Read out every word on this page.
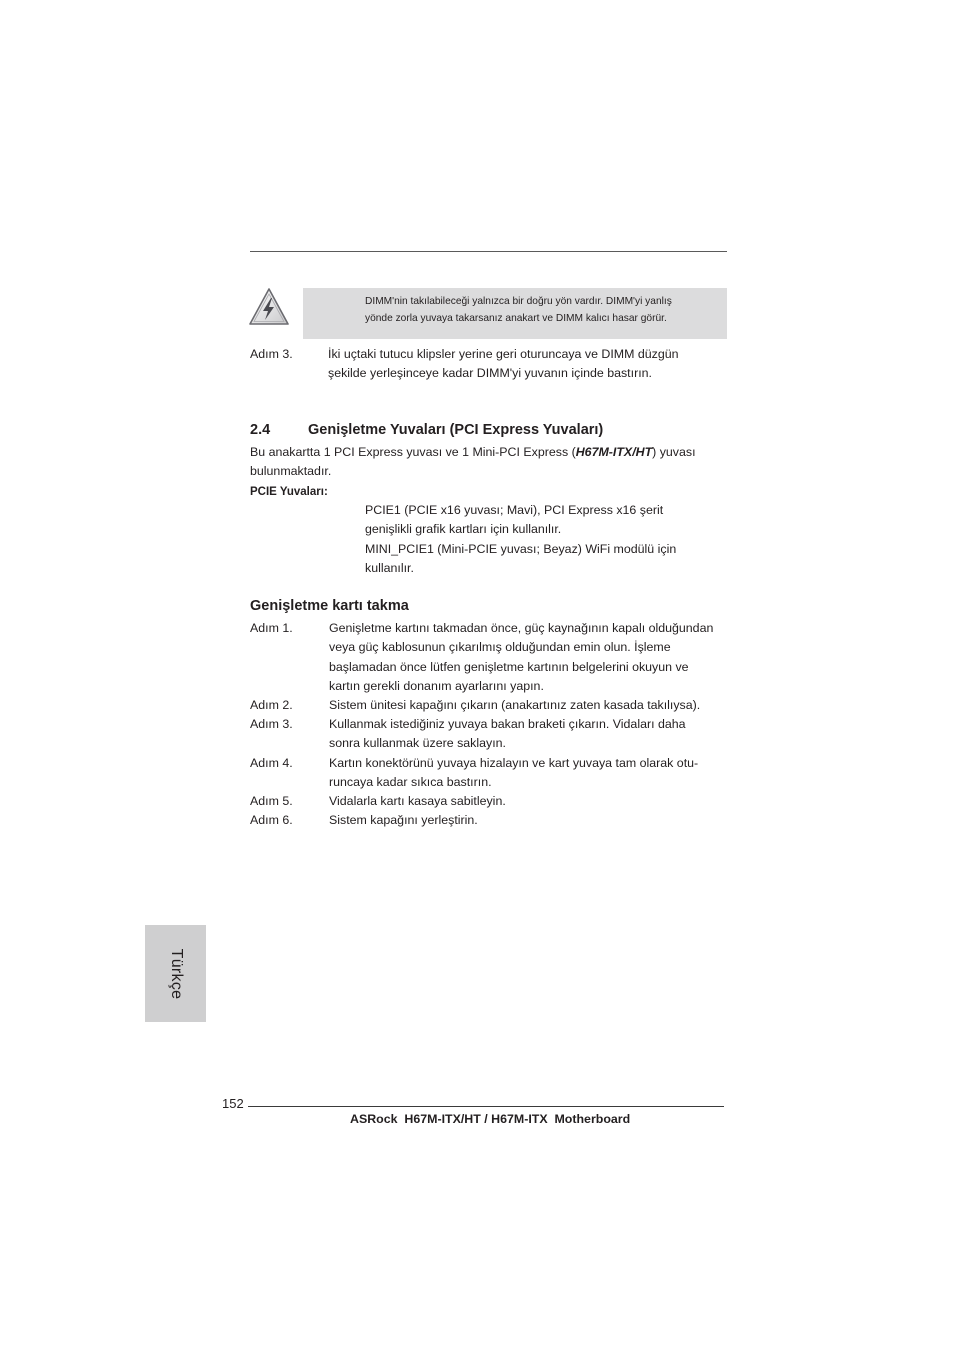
DIMM'nin takılabileceği yalnızca bir doğru yön vardır. DIMM'yi yanlış
yönde zorla yuvaya takarsanız anakart ve DIMM kalıcı hasar görür.
Adım 3.	İki uçtaki tutucu klipsler yerine geri oturuncaya ve DIMM düzgün
şekilde yerleşinceye kadar DIMM'yi yuvanın içinde bastırın.
2.4	Genişletme Yuvaları (PCI Express Yuvaları)
Bu anakartta 1 PCI Express yuvası ve 1 Mini-PCI Express (H67M-ITX/HT) yuvası
bulunmaktadır.
PCIE Yuvaları:
PCIE1 (PCIE x16 yuvası; Mavi), PCI Express x16 şerit
genişlikli grafik kartları için kullanılır.
MINI_PCIE1 (Mini-PCIE yuvası; Beyaz) WiFi modülü için
kullanılır.
Genişletme kartı takma
Adım 1.	Genişletme kartını takmadan önce, güç kaynağının kapalı olduğundan
veya güç kablosunun çıkarılmış olduğundan emin olun. İşleme
başlamadan önce lütfen genişletme kartının belgelerini okuyun ve
kartın gerekli donanım ayarlarını yapın.
Adım 2.	Sistem ünitesi kapağını çıkarın (anakartınız zaten kasada takılıysa).
Adım 3.	Kullanmak istediğiniz yuvaya bakan braketi çıkarın. Vidaları daha
sonra kullanmak üzere saklayın.
Adım 4.	Kartın konektörünü yuvaya hizalayın ve kart yuvaya tam olarak otu-
runcaya kadar sıkıca bastırın.
Adım 5.	Vidalarla kartı kasaya sabitleyin.
Adım 6.	Sistem kapağını yerleştirin.
Türkçe
152
ASRock  H67M-ITX/HT / H67M-ITX  Motherboard
